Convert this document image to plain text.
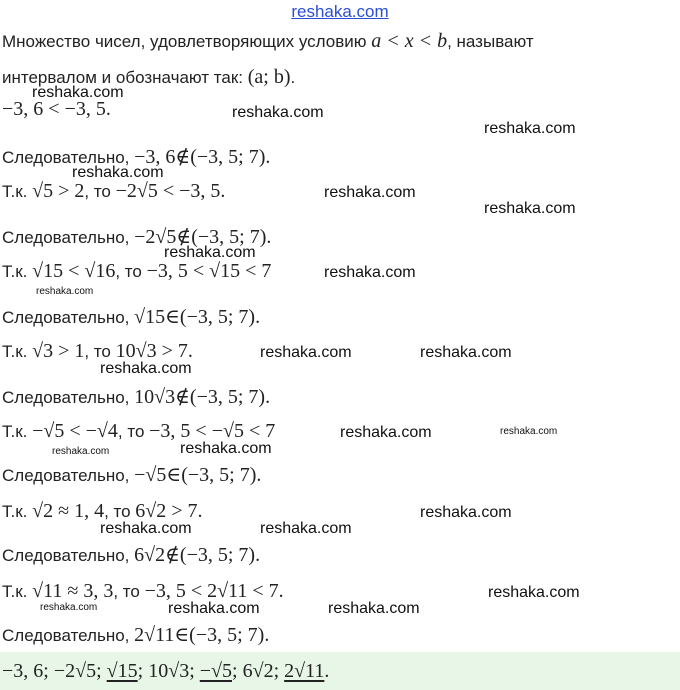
reshaka.com
Множество чисел, удовлетворяющих условию a < x < b, называют
интервалом и обозначают так: (a; b).
−3, 6 < −3, 5.
Следовательно, −3, 6∉(−3, 5; 7).
Т.к. √5 > 2, то −2√5 < −3, 5.
Следовательно, −2√5∉(−3, 5; 7).
Т.к. √15 < √16, то −3, 5 < √15 < 7
Следовательно, √15∈(−3, 5; 7).
Т.к. √3 > 1, то 10√3 > 7.
Следовательно, 10√3∉(−3, 5; 7).
Т.к. −√5 < −√4, то −3, 5 < −√5 < 7
Следовательно, −√5∈(−3, 5; 7).
Т.к. √2 ≈ 1, 4, то 6√2 > 7.
Следовательно, 6√2∉(−3, 5; 7).
Т.к. √11 ≈ 3, 3, то −3, 5 < 2√11 < 7.
Следовательно, 2√11∈(−3, 5; 7).
−3, 6; −2√5; √15; 10√3; −√5; 6√2; 2√11.
reshaka.com
reshaka.com
reshaka.com
reshaka.com
reshaka.com
reshaka.com
reshaka.com
reshaka.com
reshaka.com
reshaka.com	reshaka.com
reshaka.com
reshaka.com	reshaka.com
reshaka.com	reshaka.com
reshaka.com
reshaka.com	reshaka.com
reshaka.com
reshaka.com	reshaka.com	reshaka.com
